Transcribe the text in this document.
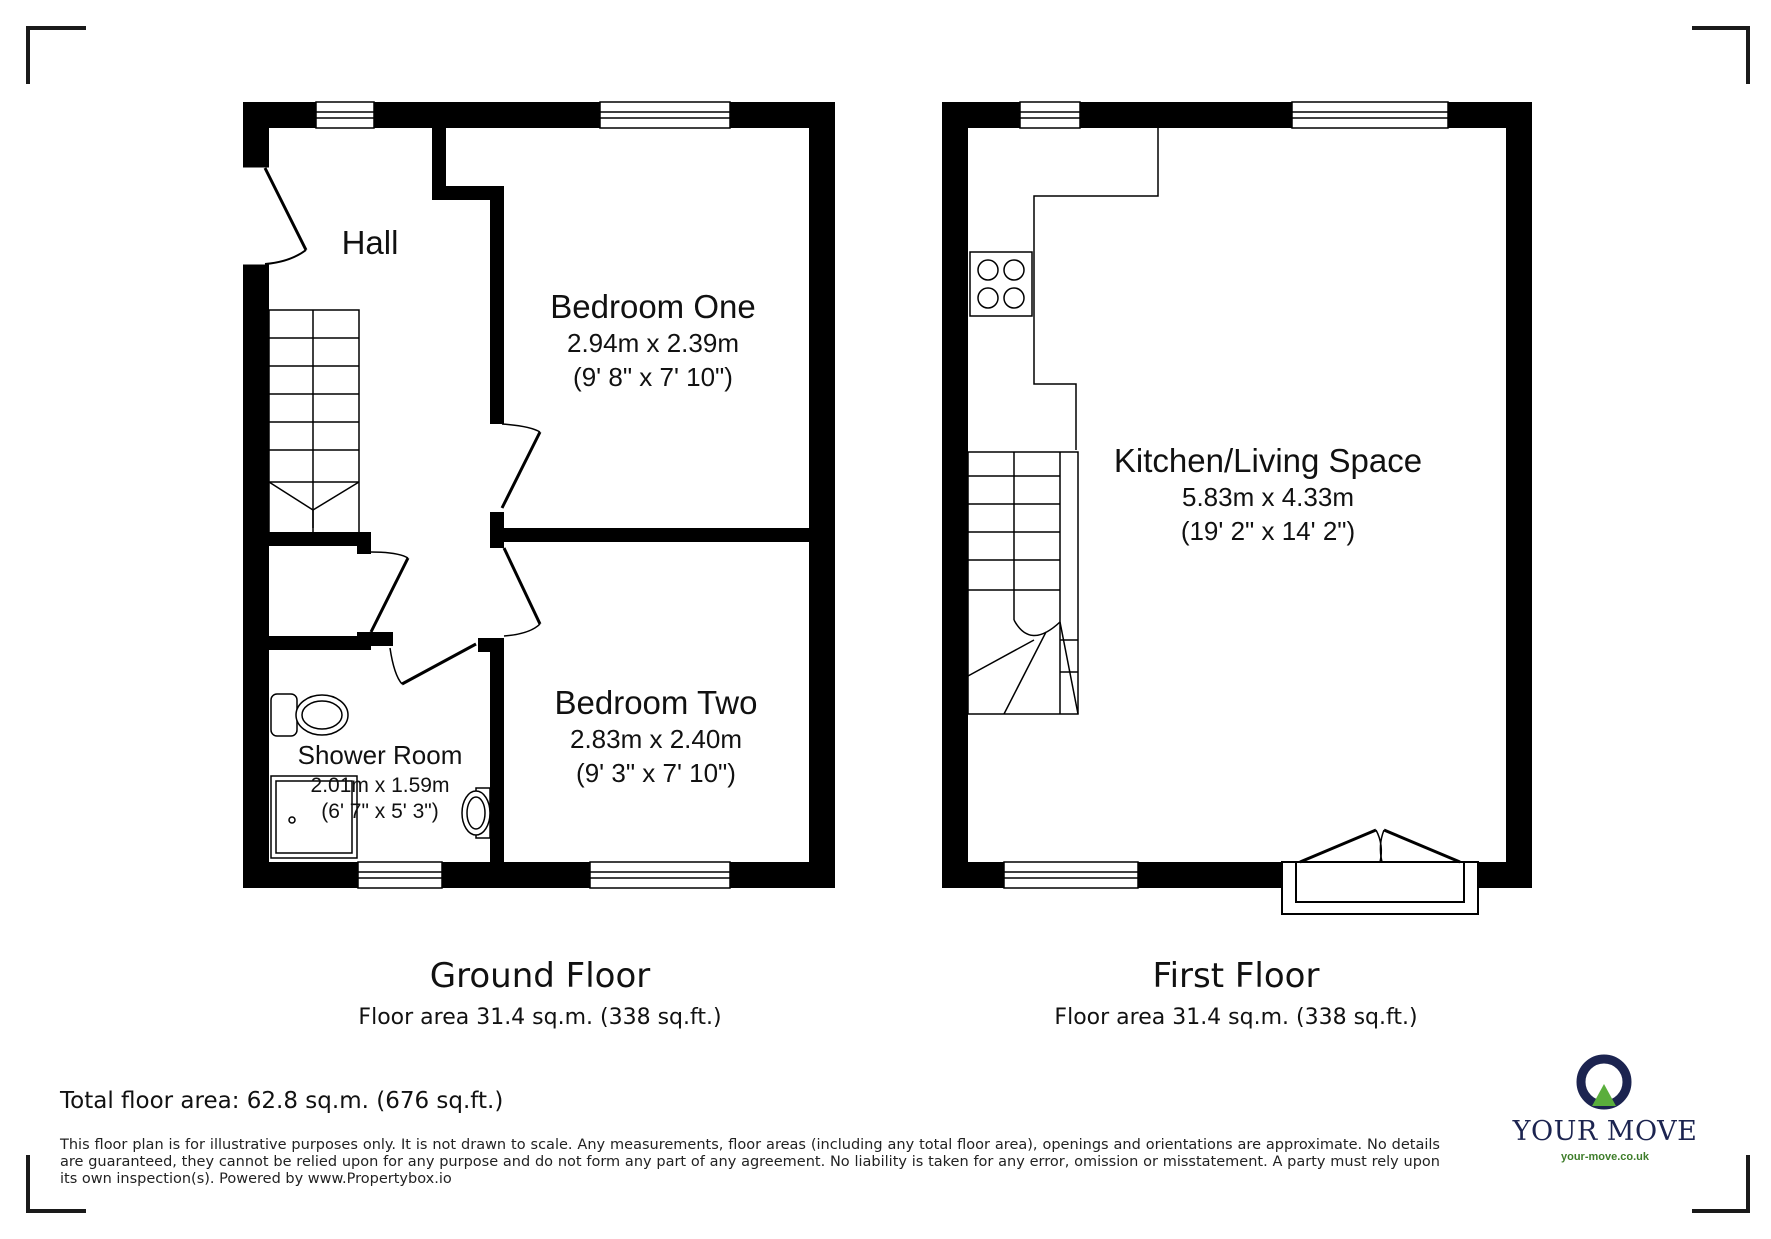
Hall
Bedroom One
2.94m x 2.39m
(9' 8" x 7' 10")
Bedroom Two
2.83m x 2.40m
(9' 3" x 7' 10")
Shower Room
2.01m x 1.59m
(6' 7" x 5' 3")
Kitchen/Living Space
5.83m x 4.33m
(19' 2" x 14' 2")
Ground Floor
Floor area 31.4 sq.m. (338 sq.ft.)
First Floor
Floor area 31.4 sq.m. (338 sq.ft.)
Total floor area: 62.8 sq.m. (676 sq.ft.)
This floor plan is for illustrative purposes only. It is not drawn to scale. Any measurements, floor areas (including any total floor area), openings and orientations are approximate. No details are guaranteed, they cannot be relied upon for any purpose and do not form any part of any agreement. No liability is taken for any error, omission or misstatement. A party must rely upon its own inspection(s). Powered by www.Propertybox.io
YOUR MOVE
your-move.co.uk
